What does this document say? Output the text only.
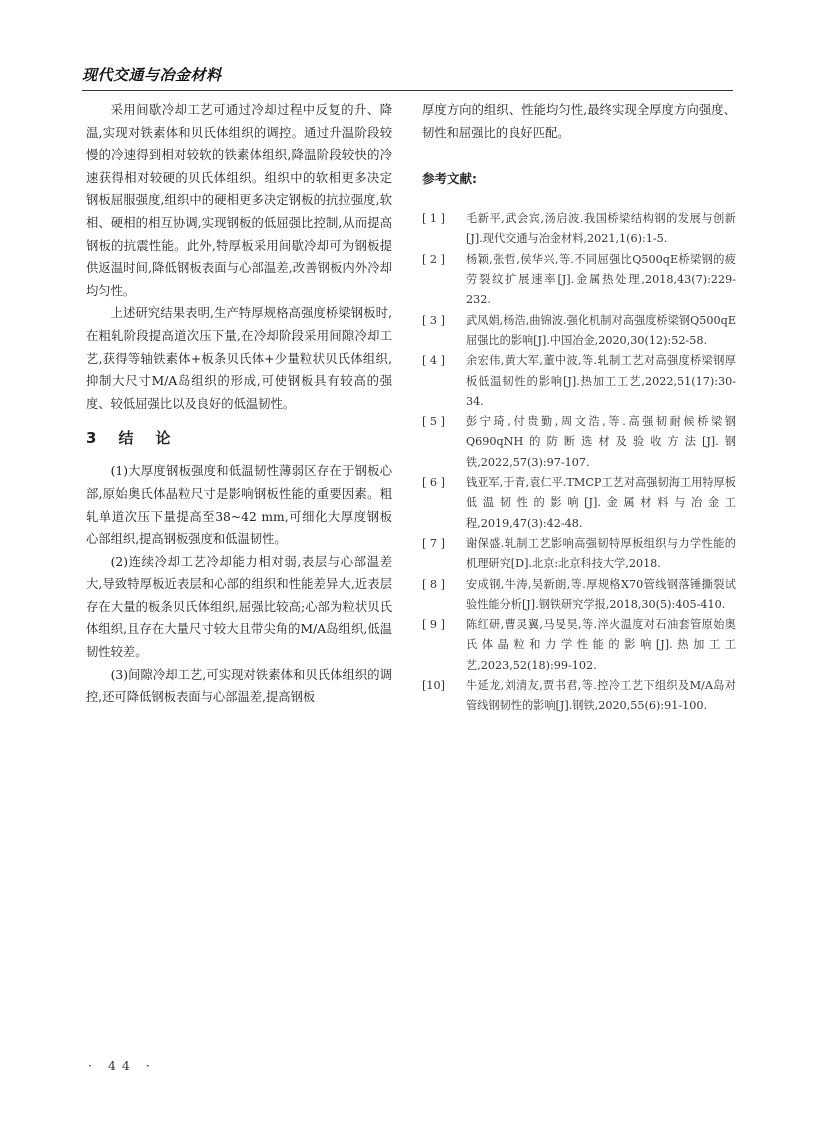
现代交通与冶金材料

采用间歇冷却工艺可通过冷却过程中反复的升、降温,实现对铁素体和贝氏体组织的调控。通过升温阶段较慢的冷速得到相对较软的铁素体组织,降温阶段较快的冷速获得相对较硬的贝氏体组织。组织中的软相更多决定钢板屈服强度,组织中的硬相更多决定钢板的抗拉强度,软相、硬相的相互协调,实现钢板的低屈强比控制,从而提高钢板的抗震性能。此外,特厚板采用间歇冷却可为钢板提供返温时间,降低钢板表面与心部温差,改善钢板内外冷却均匀性。

上述研究结果表明,生产特厚规格高强度桥梁钢板时,在粗轧阶段提高道次压下量,在冷却阶段采用间隙冷却工艺,获得等轴铁素体+板条贝氏体+少量粒状贝氏体组织,抑制大尺寸M/A岛组织的形成,可使钢板具有较高的强度、较低屈强比以及良好的低温韧性。

3 结 论

(1)大厚度钢板强度和低温韧性薄弱区存在于钢板心部,原始奥氏体晶粒尺寸是影响钢板性能的重要因素。粗轧单道次压下量提高至38~42 mm,可细化大厚度钢板心部组织,提高钢板强度和低温韧性。

(2)连续冷却工艺冷却能力相对弱,表层与心部温差大,导致特厚板近表层和心部的组织和性能差异大,近表层存在大量的板条贝氏体组织,屈强比较高;心部为粒状贝氏体组织,且存在大量尺寸较大且带尖角的M/A岛组织,低温韧性较差。

(3)间隙冷却工艺,可实现对铁素体和贝氏体组织的调控,还可降低钢板表面与心部温差,提高钢板

厚度方向的组织、性能均匀性,最终实现全厚度方向强度、韧性和屈强比的良好匹配。

参考文献:
[ 1 ] 毛新平,武会宾,汤启波.我国桥梁结构钢的发展与创新[J].现代交通与冶金材料,2021,1(6):1-5.
[ 2 ] 杨颖,张哲,侯华兴,等.不同屈强比Q500qE桥梁钢的疲劳裂纹扩展速率[J].金属热处理,2018,43(7):229-232.
[ 3 ] 武凤娟,杨浩,曲锦波.强化机制对高强度桥梁钢Q500qE屈强比的影响[J].中国冶金,2020,30(12):52-58.
[ 4 ] 余宏伟,黄大军,董中波,等.轧制工艺对高强度桥梁钢厚板低温韧性的影响[J].热加工工艺,2022,51(17):30-34.
[ 5 ] 彭宁琦,付贵勤,周文浩,等.高强韧耐候桥梁钢Q690qNH的防断选材及验收方法[J].钢铁,2022,57(3):97-107.
[ 6 ] 钱亚军,于青,袁仁平.TMCP工艺对高强韧海工用特厚板低温韧性的影响[J].金属材料与冶金工程,2019,47(3):42-48.
[ 7 ] 谢保盛.轧制工艺影响高强韧特厚板组织与力学性能的机理研究[D].北京:北京科技大学,2018.
[ 8 ] 安成钢,牛涛,吴新朗,等.厚规格X70管线钢落锤撕裂试验性能分析[J].钢铁研究学报,2018,30(5):405-410.
[ 9 ] 陈红研,曹灵翼,马旻昊,等.淬火温度对石油套管原始奥氏体晶粒和力学性能的影响[J].热加工工艺,2023,52(18):99-102.
[10] 牛延龙,刘清友,贾书君,等.控冷工艺下组织及M/A岛对管线钢韧性的影响[J].钢铁,2020,55(6):91-100.
· 44 ·
